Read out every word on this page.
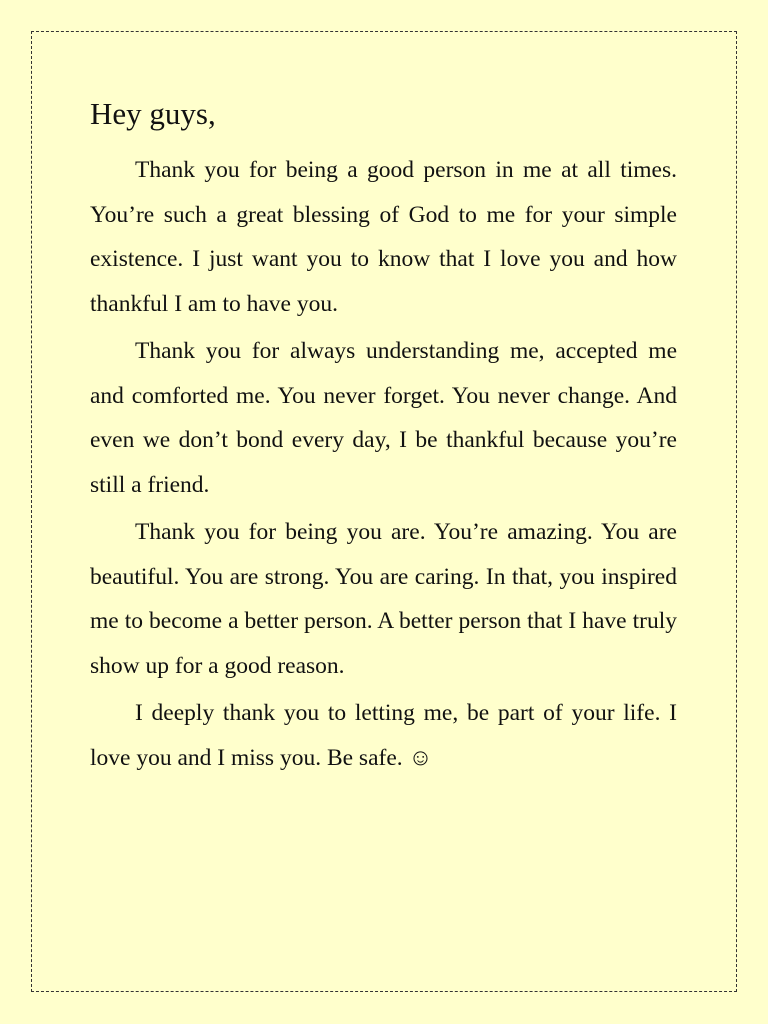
Hey guys,

Thank you for being a good person in me at all times. You’re such a great blessing of God to me for your simple existence. I just want you to know that I love you and how thankful I am to have you.

Thank you for always understanding me, accepted me and comforted me. You never forget. You never change. And even we don’t bond every day, I be thankful because you’re still a friend.

Thank you for being you are. You’re amazing. You are beautiful. You are strong. You are caring. In that, you inspired me to become a better person. A better person that I have truly show up for a good reason.

I deeply thank you to letting me, be part of your life. I love you and I miss you. Be safe. ☺
